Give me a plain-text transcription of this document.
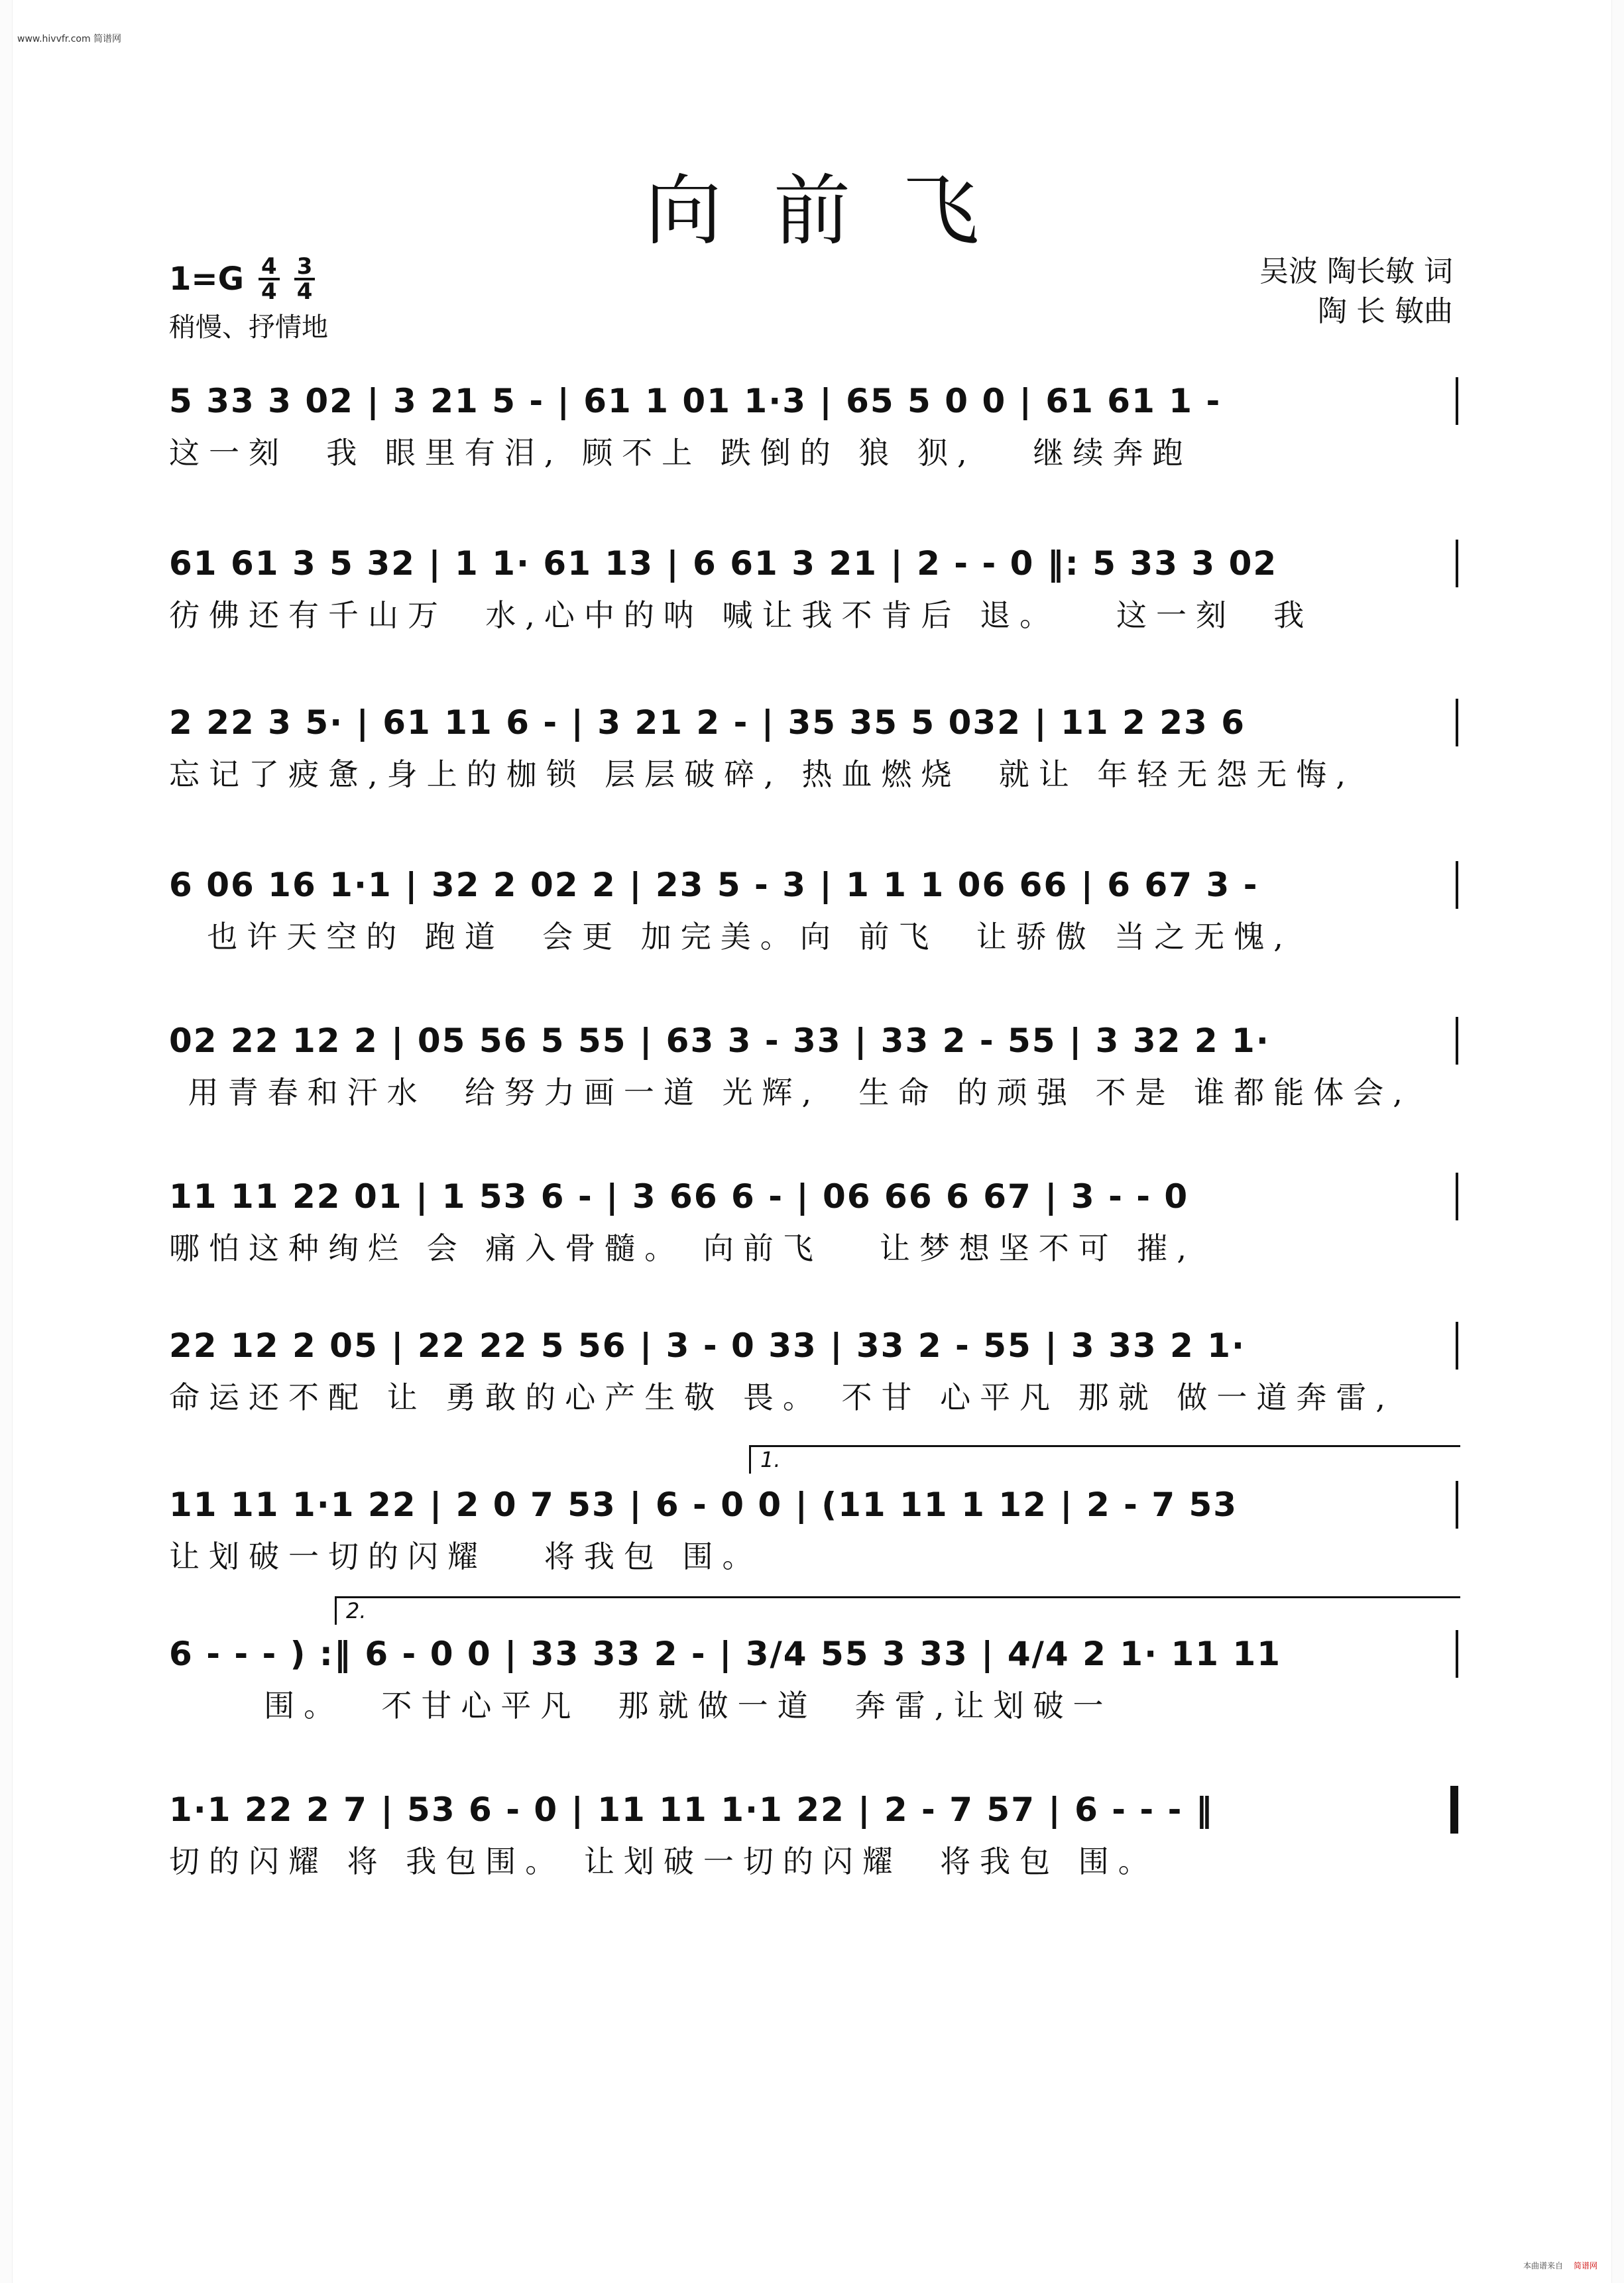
www.hivvfr.com 简谱网
向前飞
$1=G \frac{4}{4} \frac{3}{4}$
稍慢、抒情地
吴波 陶长敏 词
陶 长 敏曲
5 33 3 02 | 3 21 5 - | 61 1 01 1·3 | 65 5 0 0 | 61 61 1 -
这一刻  我 眼里有泪, 顾不上 跌倒的 狼 狈,   继续奔跑
61 61 3 5 32 | 1 1· 61 13 | 6 61 3 21 | 2 - - 0 ‖: 5 33 3 02
彷佛还有千山万  水,心中的呐 喊让我不肯后 退。   这一刻  我
2 22 3 5· | 61 11 6 - | 3 21 2 - | 35 35 5 032 | 11 2 23 6
忘记了疲惫,身上的枷锁 层层破碎, 热血燃烧  就让 年轻无怨无悔,
6 06 16 1·1 | 32 2 02 2 | 23 5 - 3 | 1 1 1 06 66 | 6 67 3 -
也许天空的 跑道  会更 加完美。向 前飞  让骄傲 当之无愧,
02 22 12 2 | 05 56 5 55 | 63 3 - 33 | 33 2 - 55 | 3 32 2 1·
用青春和汗水  给努力画一道 光辉,  生命 的顽强 不是 谁都能体会,
11 11 22 01 | 1 53 6 - | 3 66 6 - | 06 66 6 67 | 3 - - 0
哪怕这种绚烂 会 痛入骨髓。 向前飞   让梦想坚不可 摧,
22 12 2 05 | 22 22 5 56 | 3 - 0 33 | 33 2 - 55 | 3 33 2 1·
命运还不配 让 勇敢的心产生敬 畏。 不甘 心平凡 那就 做一道奔雷,
1.
11 11 1·1 22 | 2 0 7 53 | 6 - 0 0 | (11 11 1 12 | 2 - 7 53
让划破一切的闪耀   将我包 围。
2.
6 - - - ) :‖ 6 - 0 0 | 33 33 2 - | 3/4 55 3 33 | 4/4 2 1· 11 11
围。  不甘心平凡  那就做一道  奔雷,让划破一
1·1 22 2 7 | 53 6 - 0 | 11 11 1·1 22 | 2 - 7 57 | 6 - - - ‖
切的闪耀 将 我包围。 让划破一切的闪耀  将我包 围。
本曲谱来自 简谱网
